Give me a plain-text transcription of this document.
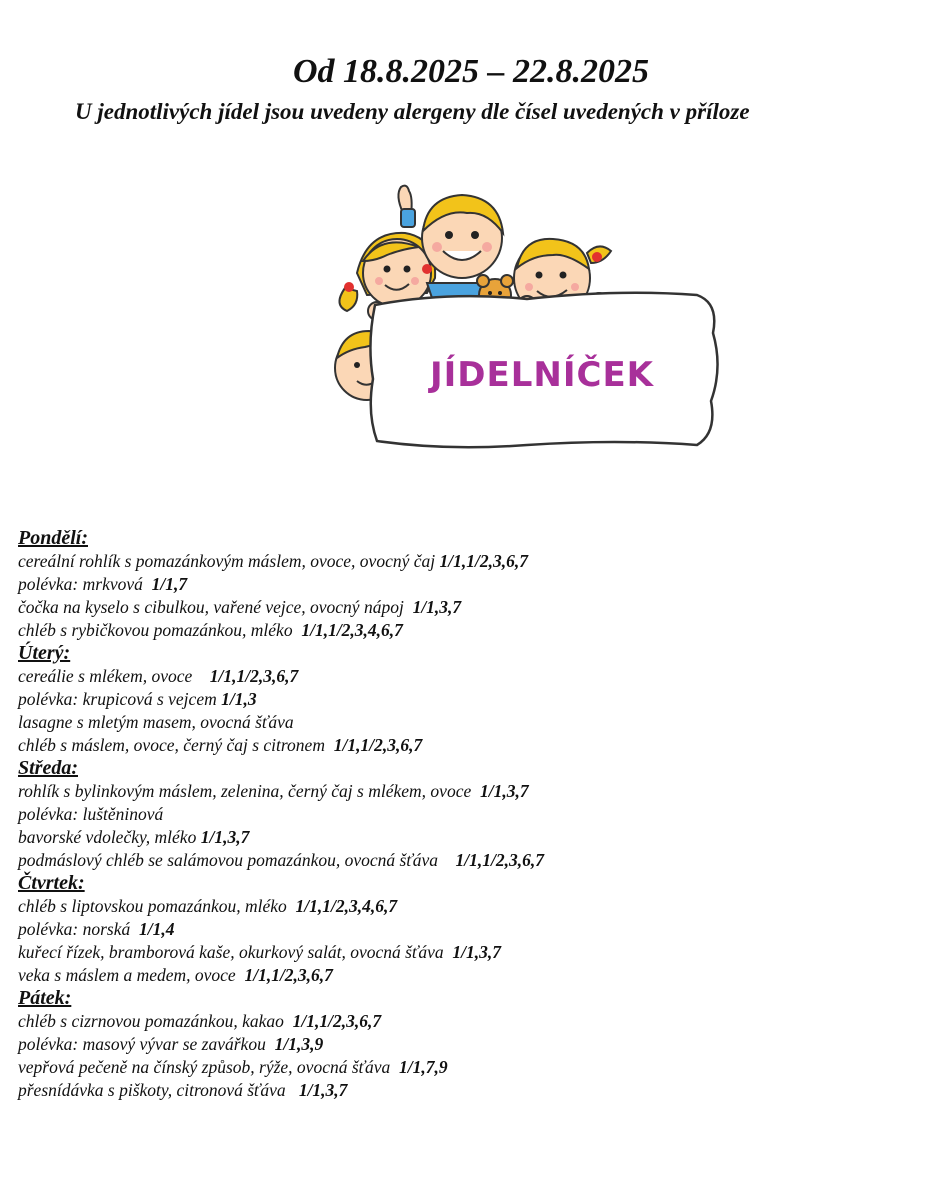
Od 18.8.2025 – 22.8.2025

U jednotlivých jídel jsou uvedeny alergeny dle čísel uvedených v příloze

JÍDELNÍČEK
Pondělí:
cereální rohlík s pomazánkovým máslem, ovoce, ovocný čaj 1/1,1/2,3,6,7
polévka: mrkvová 1/1,7
čočka na kyselo s cibulkou, vařené vejce, ovocný nápoj 1/1,3,7
chléb s rybičkovou pomazánkou, mléko 1/1,1/2,3,4,6,7
Úterý:
cereálie s mlékem, ovoce 1/1,1/2,3,6,7
polévka: krupicová s vejcem 1/1,3
lasagne s mletým masem, ovocná šťáva
chléb s máslem, ovoce, černý čaj s citronem 1/1,1/2,3,6,7
Středa:
rohlík s bylinkovým máslem, zelenina, černý čaj s mlékem, ovoce 1/1,3,7
polévka: luštěninová
bavorské vdolečky, mléko 1/1,3,7
podmáslový chléb se salámovou pomazánkou, ovocná šťáva 1/1,1/2,3,6,7
Čtvrtek:
chléb s liptovskou pomazánkou, mléko 1/1,1/2,3,4,6,7
polévka: norská 1/1,4
kuřecí řízek, bramborová kaše, okurkový salát, ovocná šťáva 1/1,3,7
veka s máslem a medem, ovoce 1/1,1/2,3,6,7
Pátek:
chléb s cizrnovou pomazánkou, kakao 1/1,1/2,3,6,7
polévka: masový vývar se zavářkou 1/1,3,9
vepřová pečeně na čínský způsob, rýže, ovocná šťáva 1/1,7,9
přesnídávka s piškoty, citronová šťáva 1/1,3,7
